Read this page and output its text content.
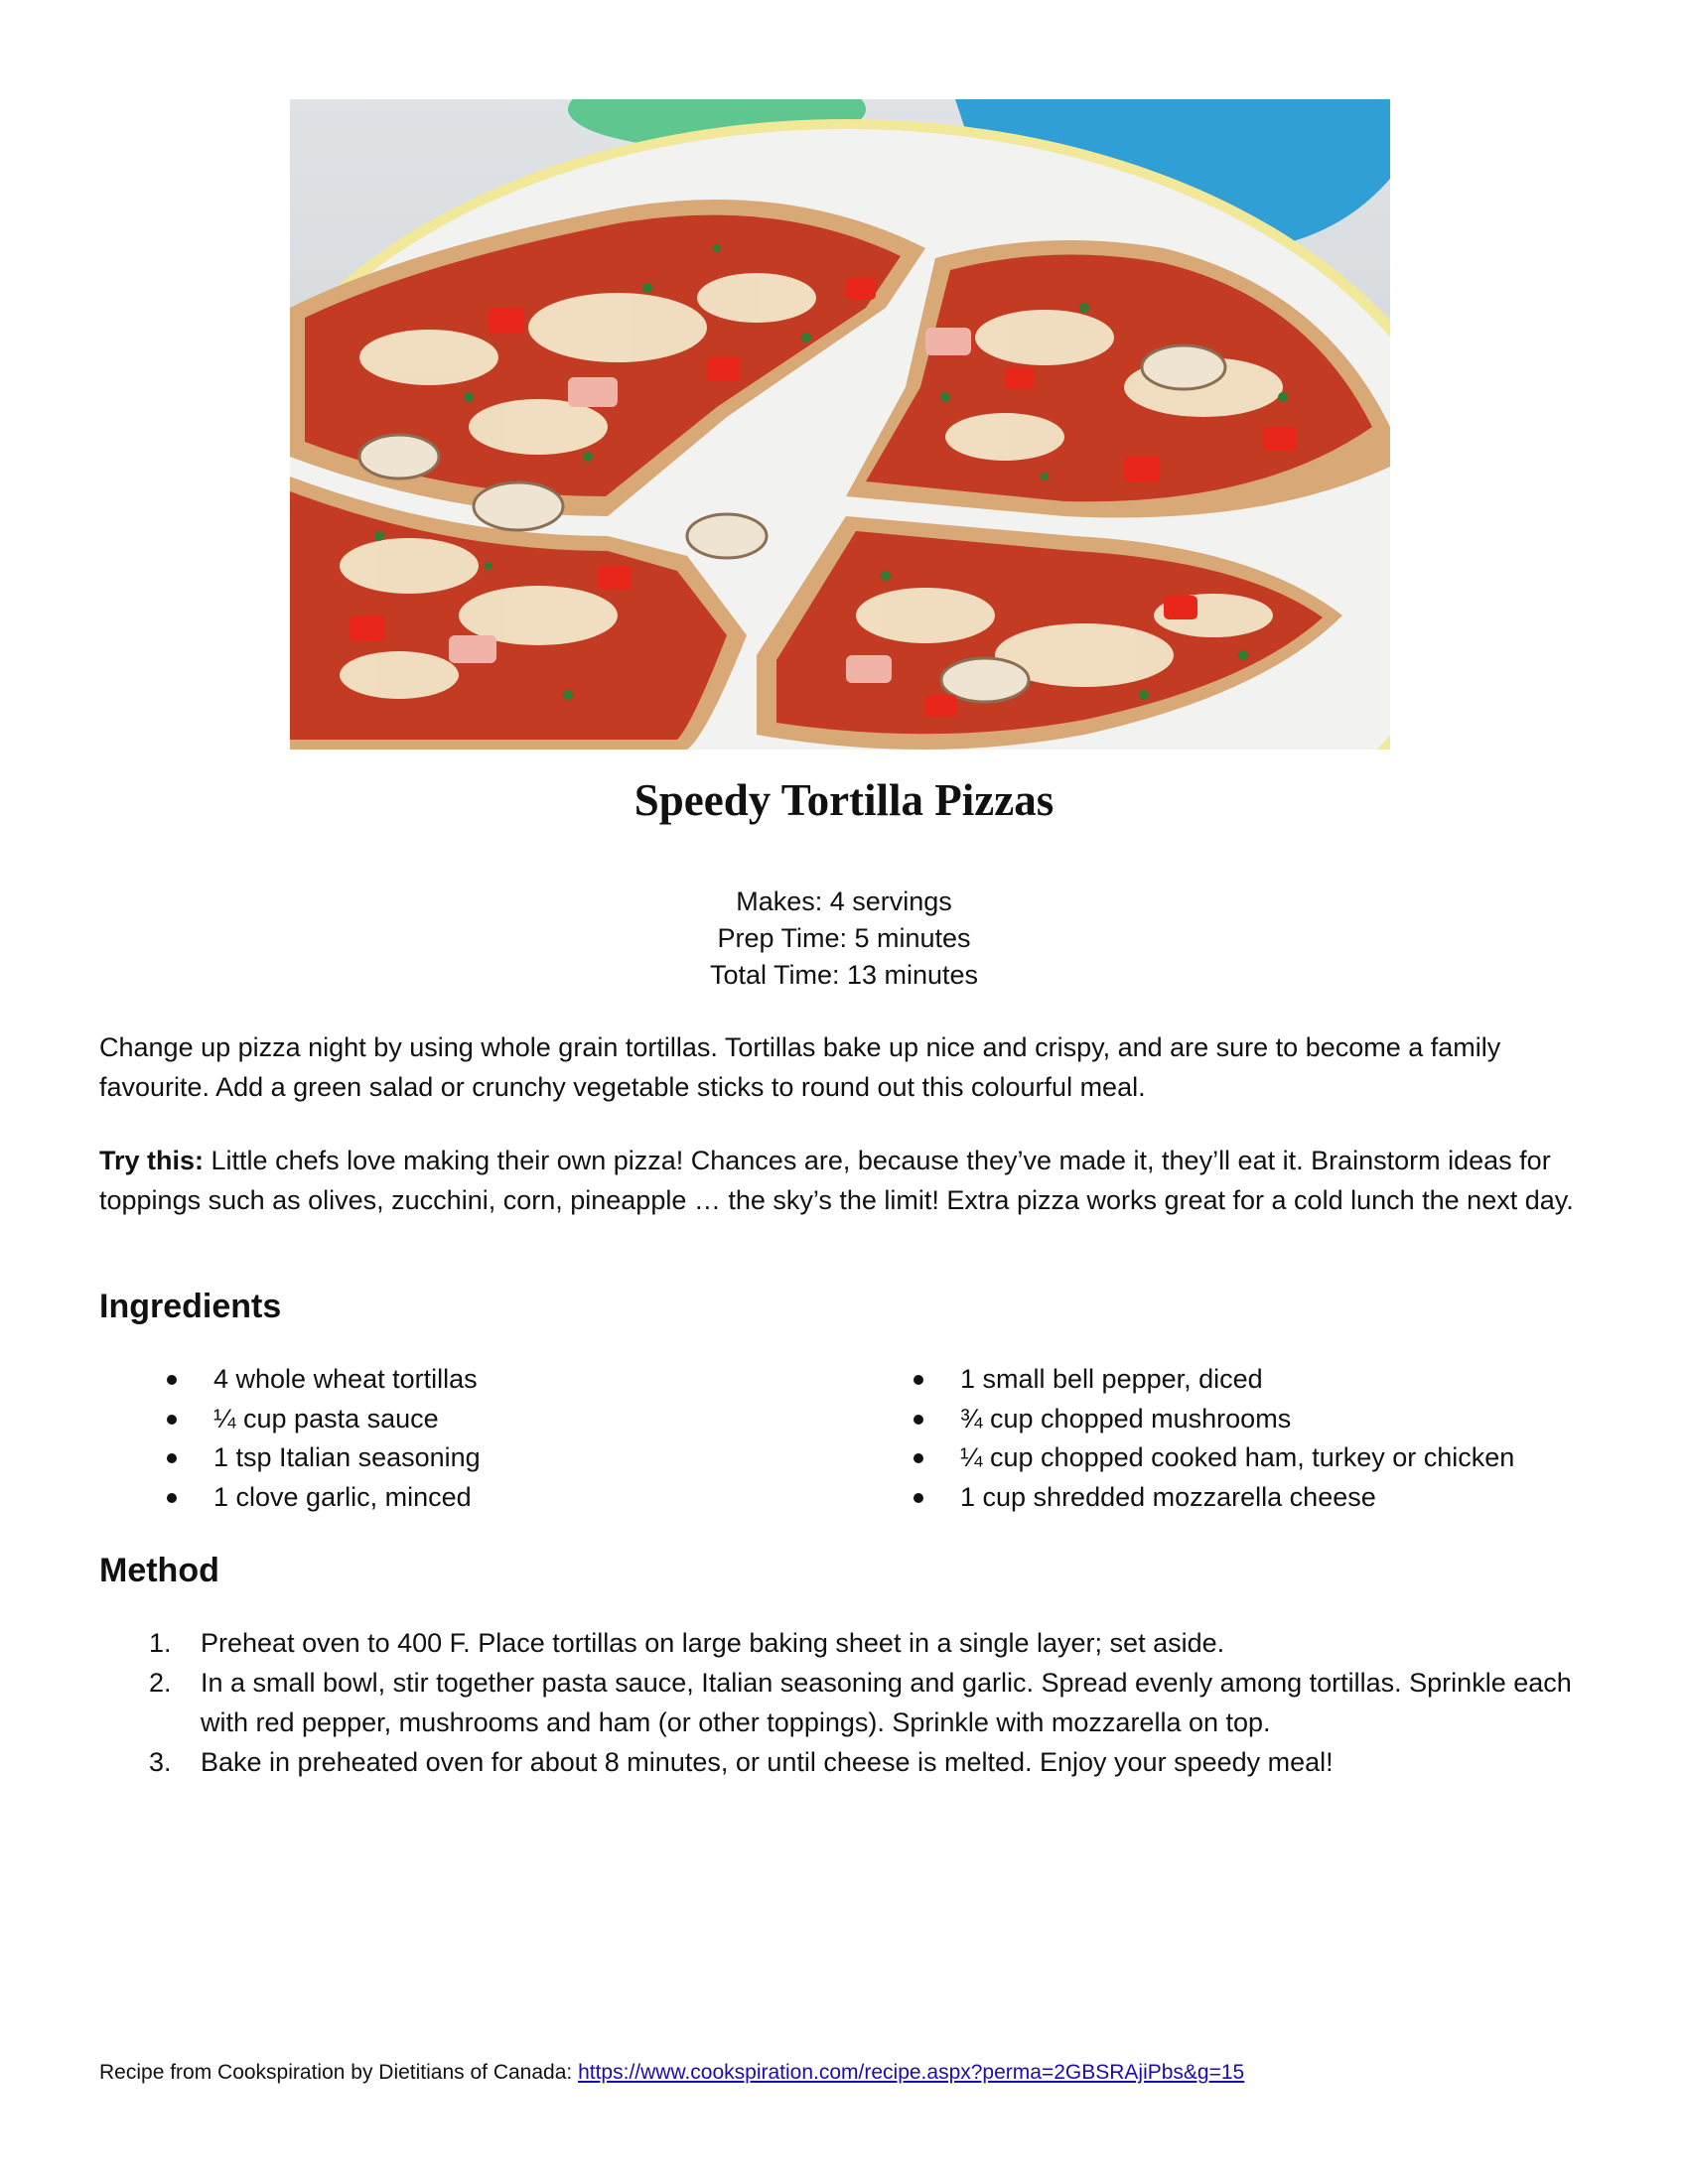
Speedy Tortilla Pizzas
Makes: 4 servings
Prep Time: 5 minutes
Total Time: 13 minutes
Change up pizza night by using whole grain tortillas. Tortillas bake up nice and crispy, and are sure to become a family favourite. Add a green salad or crunchy vegetable sticks to round out this colourful meal.
Try this: Little chefs love making their own pizza! Chances are, because they’ve made it, they’ll eat it. Brainstorm ideas for toppings such as olives, zucchini, corn, pineapple … the sky’s the limit! Extra pizza works great for a cold lunch the next day.
Ingredients
4 whole wheat tortillas
¼ cup pasta sauce
1 tsp Italian seasoning
1 clove garlic, minced
1 small bell pepper, diced
¾ cup chopped mushrooms
¼ cup chopped cooked ham, turkey or chicken
1 cup shredded mozzarella cheese
Method
1. Preheat oven to 400 F. Place tortillas on large baking sheet in a single layer; set aside.
2. In a small bowl, stir together pasta sauce, Italian seasoning and garlic. Spread evenly among tortillas. Sprinkle each with red pepper, mushrooms and ham (or other toppings). Sprinkle with mozzarella on top.
3. Bake in preheated oven for about 8 minutes, or until cheese is melted. Enjoy your speedy meal!
Recipe from Cookspiration by Dietitians of Canada: https://www.cookspiration.com/recipe.aspx?perma=2GBSRAjiPbs&g=15
